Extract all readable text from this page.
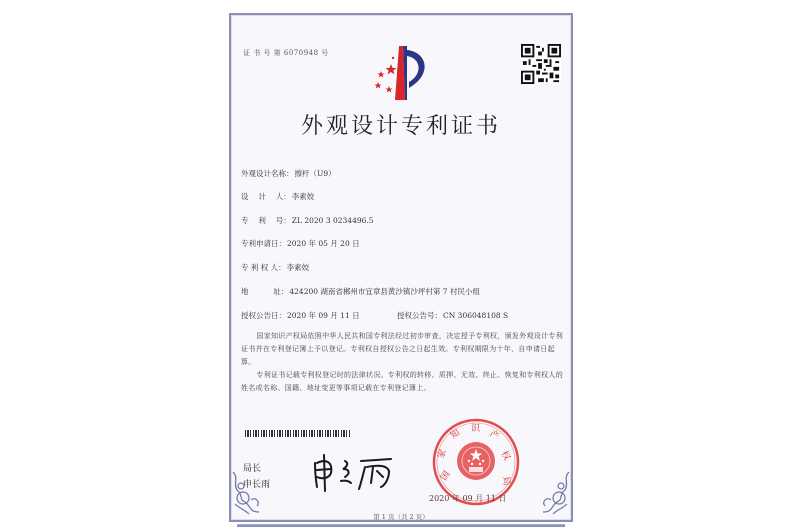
证 书 号 第 6070948 号
外观设计专利证书
外观设计名称：擦杆（U9）
设　 计　 人：李素姣
专　 利　 号：ZL 2020 3 0234496.5
专利申请日：2020 年 05 月 20 日
专 利 权 人：李素姣
地　　　 址：424200 湖南省郴州市宜章县黄沙镇沙坪村第 7 村民小组
授权公告日：2020 年 09 月 11 日	授权公告号：CN 306048108 S
国家知识产权局依照中华人民共和国专利法经过初步审查，决定授予专利权，颁发外观设计专利证书并在专利登记簿上予以登记。专利权自授权公告之日起生效。专利权期限为十年，自申请日起算。
专利证书记载专利权登记时的法律状况。专利权的转移、质押、无效、终止、恢复和专利权人的姓名或名称、国籍、地址变更等事项记载在专利登记簿上。
局长
申长雨
国
家
知 识 产
权
局
2020 年 09 月 11 日
第 1 页（共 2 页）
